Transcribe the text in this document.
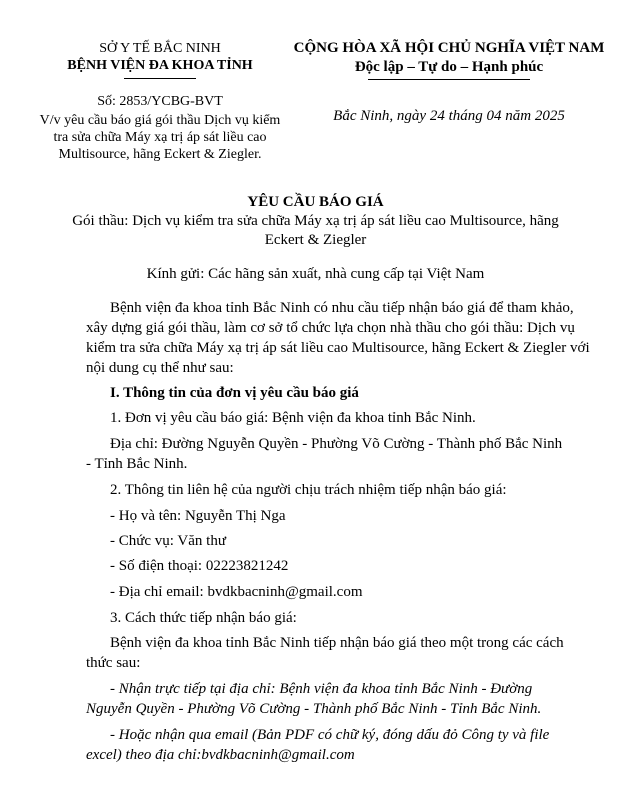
SỞ Y TẾ BẮC NINH
BỆNH VIỆN ĐA KHOA TỈNH
Số: 2853/YCBG-BVT
V/v yêu cầu báo giá gói thầu Dịch vụ kiểm
tra sửa chữa Máy xạ trị áp sát liều cao
Multisource, hãng Eckert & Ziegler.
CỘNG HÒA XÃ HỘI CHỦ NGHĨA VIỆT NAM
Độc lập – Tự do – Hạnh phúc
Bắc Ninh, ngày 24 tháng 04 năm 2025
YÊU CẦU BÁO GIÁ
Gói thầu: Dịch vụ kiểm tra sửa chữa Máy xạ trị áp sát liều cao Multisource, hãng
Eckert & Ziegler
Kính gửi: Các hãng sản xuất, nhà cung cấp tại Việt Nam
Bệnh viện đa khoa tỉnh Bắc Ninh có nhu cầu tiếp nhận báo giá để tham khảo,
xây dựng giá gói thầu, làm cơ sở tổ chức lựa chọn nhà thầu cho gói thầu: Dịch vụ
kiểm tra sửa chữa Máy xạ trị áp sát liều cao Multisource, hãng Eckert & Ziegler với
nội dung cụ thể như sau:
I. Thông tin của đơn vị yêu cầu báo giá
1. Đơn vị yêu cầu báo giá: Bệnh viện đa khoa tỉnh Bắc Ninh.
Địa chỉ: Đường Nguyễn Quyền - Phường Võ Cường - Thành phố Bắc Ninh
- Tỉnh Bắc Ninh.
2. Thông tin liên hệ của người chịu trách nhiệm tiếp nhận báo giá:
- Họ và tên: Nguyễn Thị Nga
- Chức vụ: Văn thư
- Số điện thoại: 02223821242
- Địa chỉ email: bvdkbacninh@gmail.com
3. Cách thức tiếp nhận báo giá:
Bệnh viện đa khoa tỉnh Bắc Ninh tiếp nhận báo giá theo một trong các cách
thức sau:
- Nhận trực tiếp tại địa chỉ: Bệnh viện đa khoa tỉnh Bắc Ninh - Đường
Nguyễn Quyền - Phường Võ Cường - Thành phố Bắc Ninh - Tỉnh Bắc Ninh.
- Hoặc nhận qua email (Bản PDF có chữ ký, đóng dấu đỏ Công ty và file
excel) theo địa chỉ:bvdkbacninh@gmail.com
